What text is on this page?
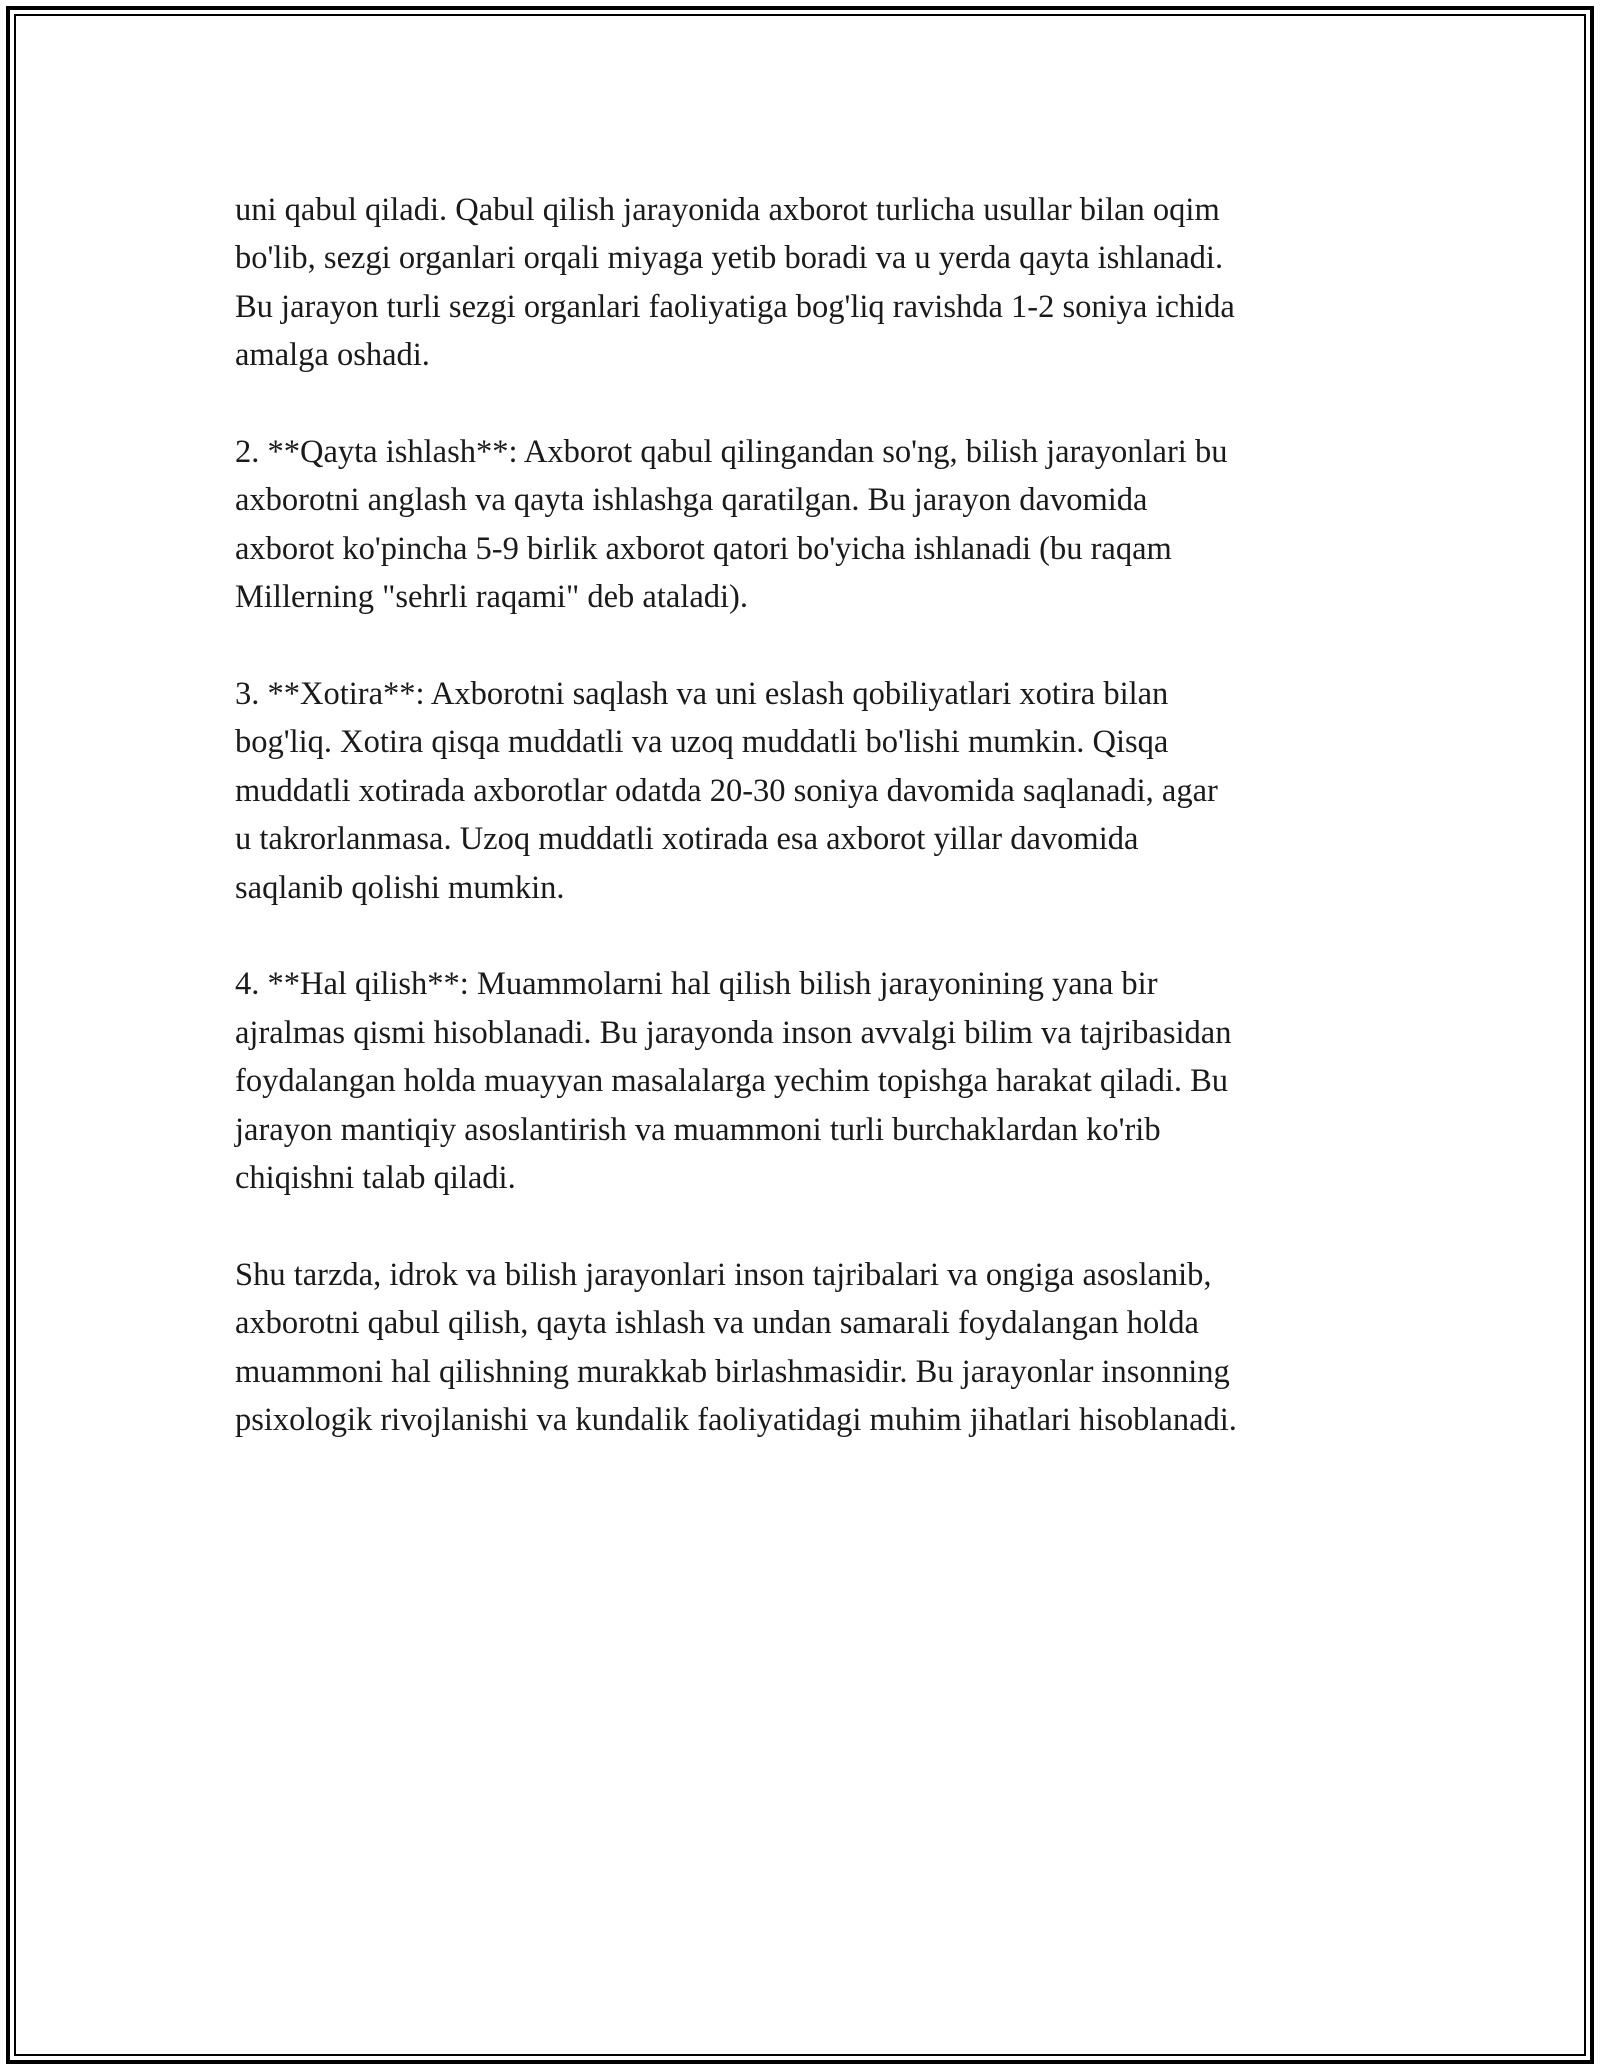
uni qabul qiladi. Qabul qilish jarayonida axborot turlicha usullar bilan oqim
bo'lib, sezgi organlari orqali miyaga yetib boradi va u yerda qayta ishlanadi.
Bu jarayon turli sezgi organlari faoliyatiga bog'liq ravishda 1-2 soniya ichida
amalga oshadi.

2. **Qayta ishlash**: Axborot qabul qilingandan so'ng, bilish jarayonlari bu
axborotni anglash va qayta ishlashga qaratilgan. Bu jarayon davomida
axborot ko'pincha 5-9 birlik axborot qatori bo'yicha ishlanadi (bu raqam
Millerning "sehrli raqami" deb ataladi).

3. **Xotira**: Axborotni saqlash va uni eslash qobiliyatlari xotira bilan
bog'liq. Xotira qisqa muddatli va uzoq muddatli bo'lishi mumkin. Qisqa
muddatli xotirada axborotlar odatda 20-30 soniya davomida saqlanadi, agar
u takrorlanmasa. Uzoq muddatli xotirada esa axborot yillar davomida
saqlanib qolishi mumkin.

4. **Hal qilish**: Muammolarni hal qilish bilish jarayonining yana bir
ajralmas qismi hisoblanadi. Bu jarayonda inson avvalgi bilim va tajribasidan
foydalangan holda muayyan masalalarga yechim topishga harakat qiladi. Bu
jarayon mantiqiy asoslantirish va muammoni turli burchaklardan ko'rib
chiqishni talab qiladi.

Shu tarzda, idrok va bilish jarayonlari inson tajribalari va ongiga asoslanib,
axborotni qabul qilish, qayta ishlash va undan samarali foydalangan holda
muammoni hal qilishning murakkab birlashmasidir. Bu jarayonlar insonning
psixologik rivojlanishi va kundalik faoliyatidagi muhim jihatlari hisoblanadi.
